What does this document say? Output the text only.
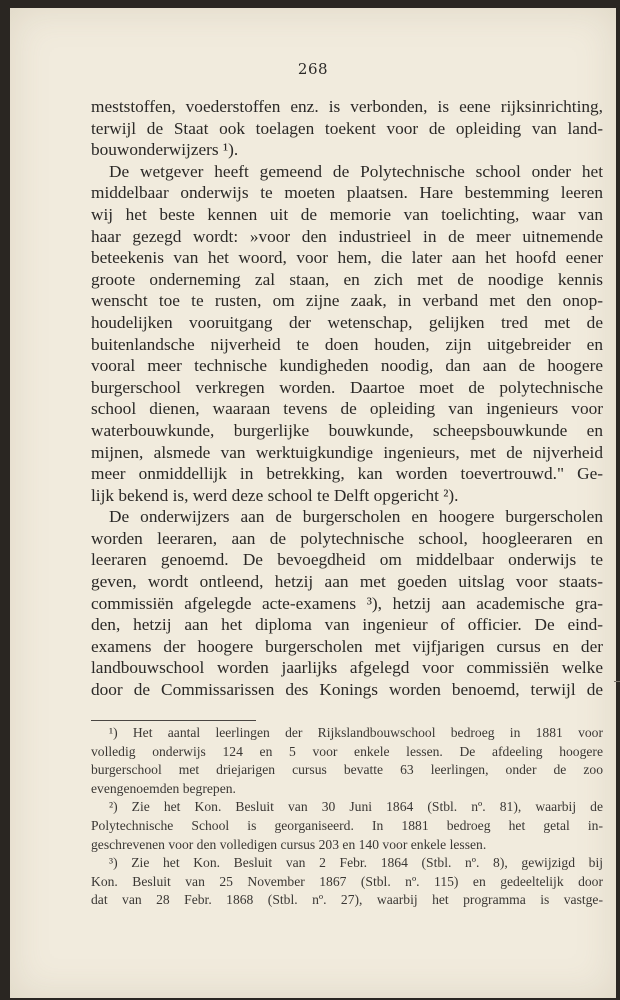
268
meststoffen, voederstoffen enz. is verbonden, is eene rijksinrichting,
terwijl de Staat ook toelagen toekent voor de opleiding van land-
bouwonderwijzers ¹).
De wetgever heeft gemeend de Polytechnische school onder het
middelbaar onderwijs te moeten plaatsen. Hare bestemming leeren
wij het beste kennen uit de memorie van toelichting, waar van
haar gezegd wordt: »voor den industrieel in de meer uitnemende
beteekenis van het woord, voor hem, die later aan het hoofd eener
groote onderneming zal staan, en zich met de noodige kennis
wenscht toe te rusten, om zijne zaak, in verband met den onop-
houdelijken vooruitgang der wetenschap, gelijken tred met de
buitenlandsche nijverheid te doen houden, zijn uitgebreider en
vooral meer technische kundigheden noodig, dan aan de hoogere
burgerschool verkregen worden. Daartoe moet de polytechnische
school dienen, waaraan tevens de opleiding van ingenieurs voor
waterbouwkunde, burgerlijke bouwkunde, scheepsbouwkunde en
mijnen, alsmede van werktuigkundige ingenieurs, met de nijverheid
meer onmiddellijk in betrekking, kan worden toevertrouwd." Ge-
lijk bekend is, werd deze school te Delft opgericht ²).
De onderwijzers aan de burgerscholen en hoogere burgerscholen
worden leeraren, aan de polytechnische school, hoogleeraren en
leeraren genoemd. De bevoegdheid om middelbaar onderwijs te
geven, wordt ontleend, hetzij aan met goeden uitslag voor staats-
commissiën afgelegde acte-examens ³), hetzij aan academische gra-
den, hetzij aan het diploma van ingenieur of officier. De eind-
examens der hoogere burgerscholen met vijfjarigen cursus en der
landbouwschool worden jaarlijks afgelegd voor commissiën welke
door de Commissarissen des Konings worden benoemd, terwijl de
¹) Het aantal leerlingen der Rijkslandbouwschool bedroeg in 1881 voor
volledig onderwijs 124 en 5 voor enkele lessen. De afdeeling hoogere
burgerschool met driejarigen cursus bevatte 63 leerlingen, onder de zoo
evengenoemden begrepen.
²) Zie het Kon. Besluit van 30 Juni 1864 (Stbl. nº. 81), waarbij de
Polytechnische School is georganiseerd. In 1881 bedroeg het getal in-
geschrevenen voor den volledigen cursus 203 en 140 voor enkele lessen.
³) Zie het Kon. Besluit van 2 Febr. 1864 (Stbl. nº. 8), gewijzigd bij
Kon. Besluit van 25 November 1867 (Stbl. nº. 115) en gedeeltelijk door
dat van 28 Febr. 1868 (Stbl. nº. 27), waarbij het programma is vastge-
